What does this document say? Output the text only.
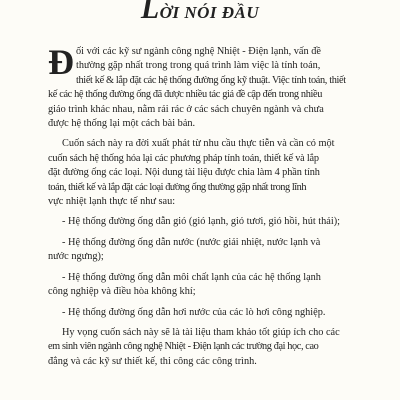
LỜI NÓI ĐẦU
Đ ối với các kỹ sư ngành công nghệ Nhiệt - Điện lạnh, vấn đề
thường gặp nhất trong trong quá trình làm việc là tính toán,
thiết kế & lắp đặt các hệ thống đường ống kỹ thuật. Việc tính toán, thiết
kế các hệ thống đường ống đã được nhiều tác giả đề cập đến trong nhiều
giáo trình khác nhau, nằm rải rác ở các sách chuyên ngành và chưa
được hệ thống lại một cách bài bản.
Cuốn sách này ra đời xuất phát từ nhu cầu thực tiễn và cần có một
cuốn sách hệ thống hóa lại các phương pháp tính toán, thiết kế và lắp
đặt đường ống các loại. Nội dung tài liệu được chia làm 4 phần tính
toán, thiết kế và lắp đặt các loại đường ống thường gặp nhất trong lĩnh
vực nhiệt lạnh thực tế như sau:
- Hệ thống đường ống dẫn gió (gió lạnh, gió tươi, gió hồi, hút thải);
- Hệ thống đường ống dẫn nước (nước giải nhiệt, nước lạnh và
nước ngưng);
- Hệ thống đường ống dẫn môi chất lạnh của các hệ thống lạnh
công nghiệp và điều hòa không khí;
- Hệ thống đường ống dẫn hơi nước của các lò hơi công nghiệp.
Hy vọng cuốn sách này sẽ là tài liệu tham khảo tốt giúp ích cho các
em sinh viên ngành công nghệ Nhiệt - Điện lạnh các trường đại học, cao
đẳng và các kỹ sư thiết kế, thi công các công trình.
